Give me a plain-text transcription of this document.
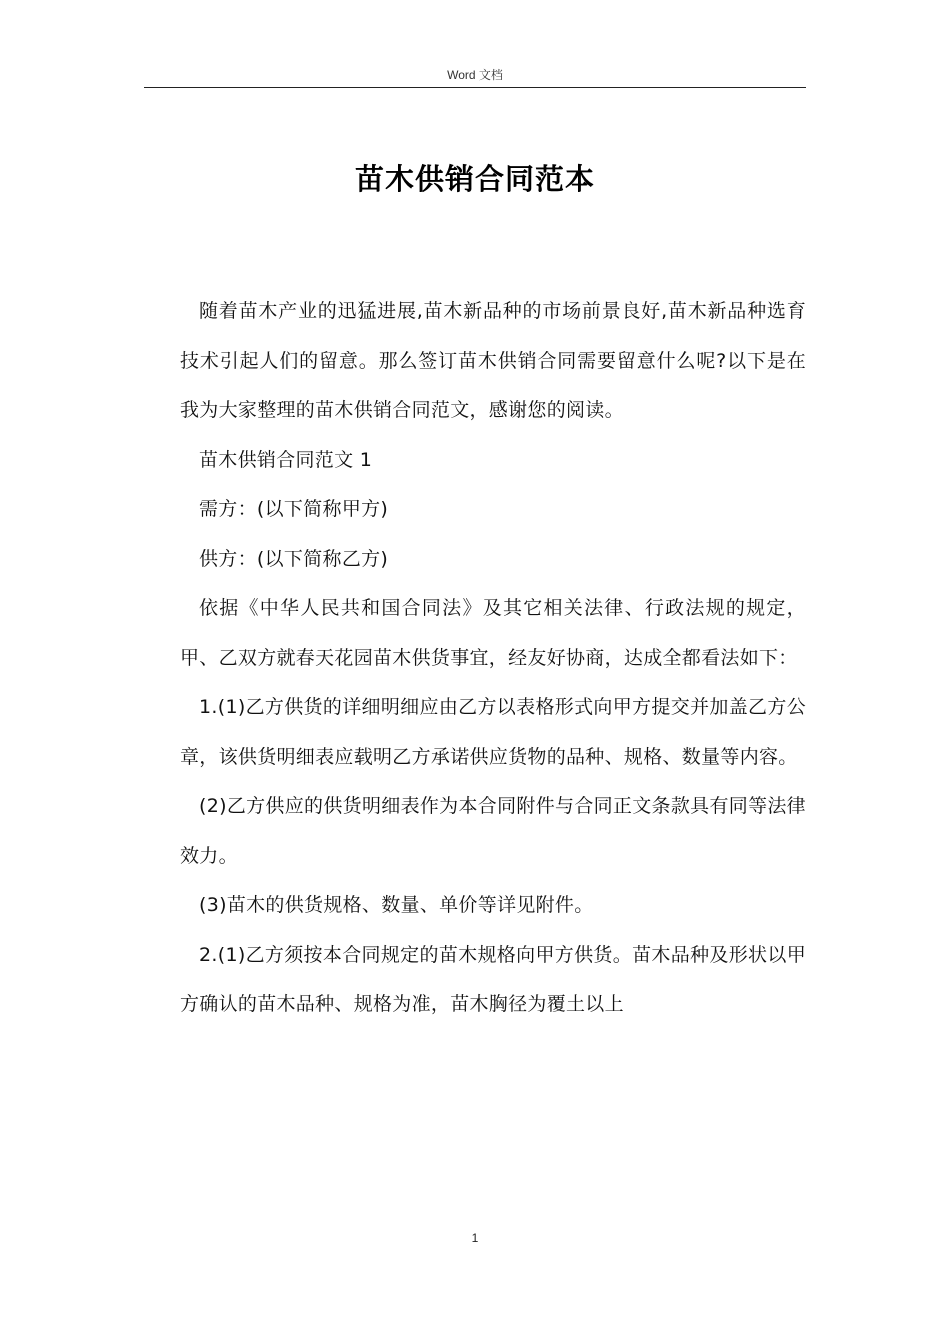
Word 文档
苗木供销合同范本

随着苗木产业的迅猛进展,苗木新品种的市场前景良好,苗木新品种选育技术引起人们的留意。那么签订苗木供销合同需要留意什么呢?以下是在我为大家整理的苗木供销合同范文，感谢您的阅读。

苗木供销合同范文 1

需方：(以下简称甲方)

供方：(以下简称乙方)

依据《中华人民共和国合同法》及其它相关法律、行政法规的规定，甲、乙双方就春天花园苗木供货事宜，经友好协商，达成全都看法如下：

1.(1)乙方供货的详细明细应由乙方以表格形式向甲方提交并加盖乙方公章，该供货明细表应载明乙方承诺供应货物的品种、规格、数量等内容。

(2)乙方供应的供货明细表作为本合同附件与合同正文条款具有同等法律效力。

(3)苗木的供货规格、数量、单价等详见附件。

2.(1)乙方须按本合同规定的苗木规格向甲方供货。苗木品种及形状以甲方确认的苗木品种、规格为准，苗木胸径为覆土以上

1
